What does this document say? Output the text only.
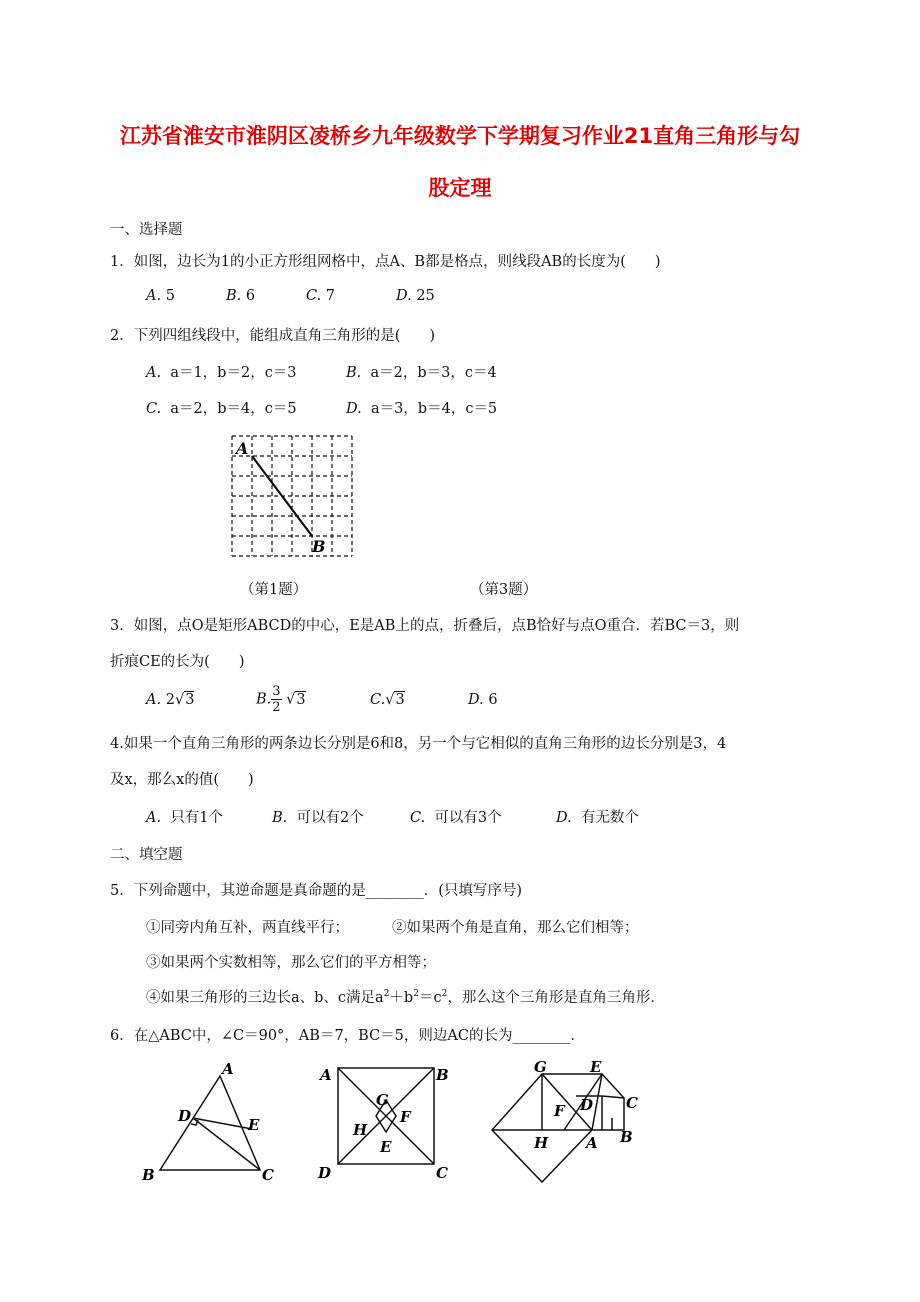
江苏省淮安市淮阴区凌桥乡九年级数学下学期复习作业21直角三角形与勾
股定理

一、选择题

1．如图，边长为1的小正方形组网格中，点A、B都是格点，则线段AB的长度为(　　)

A. 5	B. 6	C. 7	D. 25

2．下列四组线段中，能组成直角三角形的是(　　)

A. a＝1，b＝2，c＝3	B. a＝2，b＝3，c＝4

C. a＝2，b＝4，c＝5	D. a＝3，b＝4，c＝5

A
B

（第1题）	（第3题）

3．如图，点O是矩形ABCD的中心，E是AB上的点，折叠后，点B恰好与点O重合．若BC＝3，则

折痕CE的长为(　　)

A. 2√3	B. $\frac{3}{2} √3$	C.√3	D. 6

4.如果一个直角三角形的两条边长分别是6和8，另一个与它相似的直角三角形的边长分别是3，4

及x，那么x的值(　　)

A. 只有1个	B. 可以有2个	C. 可以有3个	D. 有无数个

二、填空题

5．下列命题中，其逆命题是真命题的是________．(只填写序号)

①同旁内角互补，两直线平行；	②如果两个角是直角，那么它们相等；

③如果两个实数相等，那么它们的平方相等；

④如果三角形的三边长a、b、c满足$a^2+b^2=c^2$，那么这个三角形是直角三角形．

6．在△ABC中，∠C＝90°，AB＝7，BC＝5，则边AC的长为________．

A
B	C
D	E
A	B
C
D
G
F
H
E
G	E
C
D
F
H	A B
